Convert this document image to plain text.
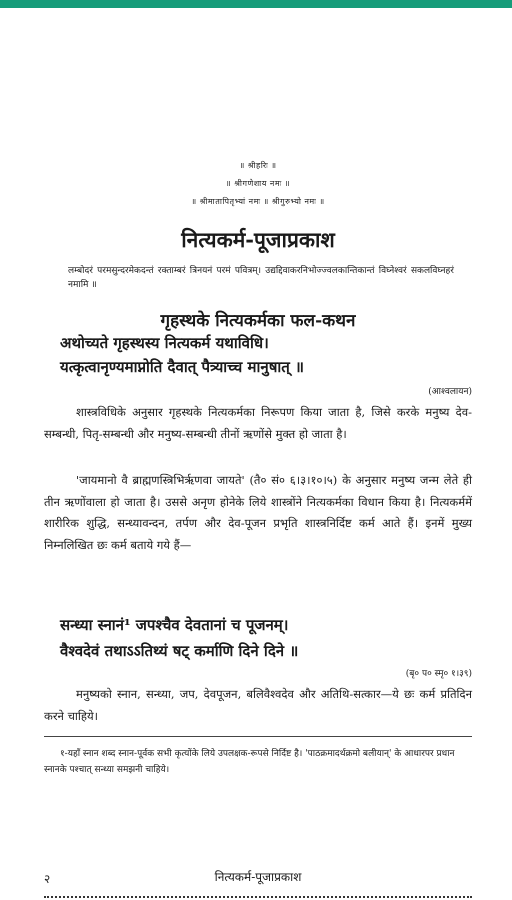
॥ श्रीहरिः ॥
॥ श्रीगणेशाय नमः ॥
॥ श्रीमातापितृभ्यां नमः ॥ श्रीगुरुभ्यो नमः ॥
नित्यकर्म-पूजाप्रकाश
लम्बोदरं परमसुन्दरमेकदन्तं रक्ताम्बरं त्रिनयनं परमं पवित्रम्। उद्यद्दिवाकरनिभोज्ज्वलकान्तिकान्तं विघ्नेश्वरं सकलविघ्नहरं नमामि ॥
गृहस्थके नित्यकर्मका फल-कथन
अथोच्यते गृहस्थस्य नित्यकर्म यथाविधि।
यत्कृत्वानृण्यमाप्नोति दैवात् पैत्र्याच्च मानुषात् ॥
(आश्वलायन)
शास्त्रविधिके अनुसार गृहस्थके नित्यकर्मका निरूपण किया जाता है, जिसे करके मनुष्य देव-सम्बन्धी, पितृ-सम्बन्धी और मनुष्य-सम्बन्धी तीनों ऋणोंसे मुक्त हो जाता है।
'जायमानो वै ब्राह्मणस्त्रिभिर्ऋणवा जायते' (तै० सं० ६।३।१०।५) के अनुसार मनुष्य जन्म लेते ही तीन ऋणोंवाला हो जाता है। उससे अनृण होनेके लिये शास्त्रोंने नित्यकर्मका विधान किया है। नित्यकर्ममें शारीरिक शुद्धि, सन्ध्यावन्दन, तर्पण और देव-पूजन प्रभृति शास्त्रनिर्दिष्ट कर्म आते हैं। इनमें मुख्य निम्नलिखित छः कर्म बताये गये हैं—
सन्ध्या स्नानं¹ जपश्चैव देवतानां च पूजनम्।
वैश्वदेवं तथाऽऽतिथ्यं षट् कर्माणि दिने दिने ॥
(बृ० प० स्मृ० १।३९)
मनुष्यको स्नान, सन्ध्या, जप, देवपूजन, बलिवैश्वदेव और अतिथि-सत्कार—ये छः कर्म प्रतिदिन करने चाहिये।
१-यहाँ स्नान शब्द स्नान-पूर्वक सभी कृत्योंके लिये उपलक्षक-रूपसे निर्दिष्ट है। 'पाठक्रमादर्थक्रमो बलीयान्' के आधारपर प्रधान स्नानके पश्चात् सन्ध्या समझनी चाहिये।
२	नित्यकर्म-पूजाप्रकाश
